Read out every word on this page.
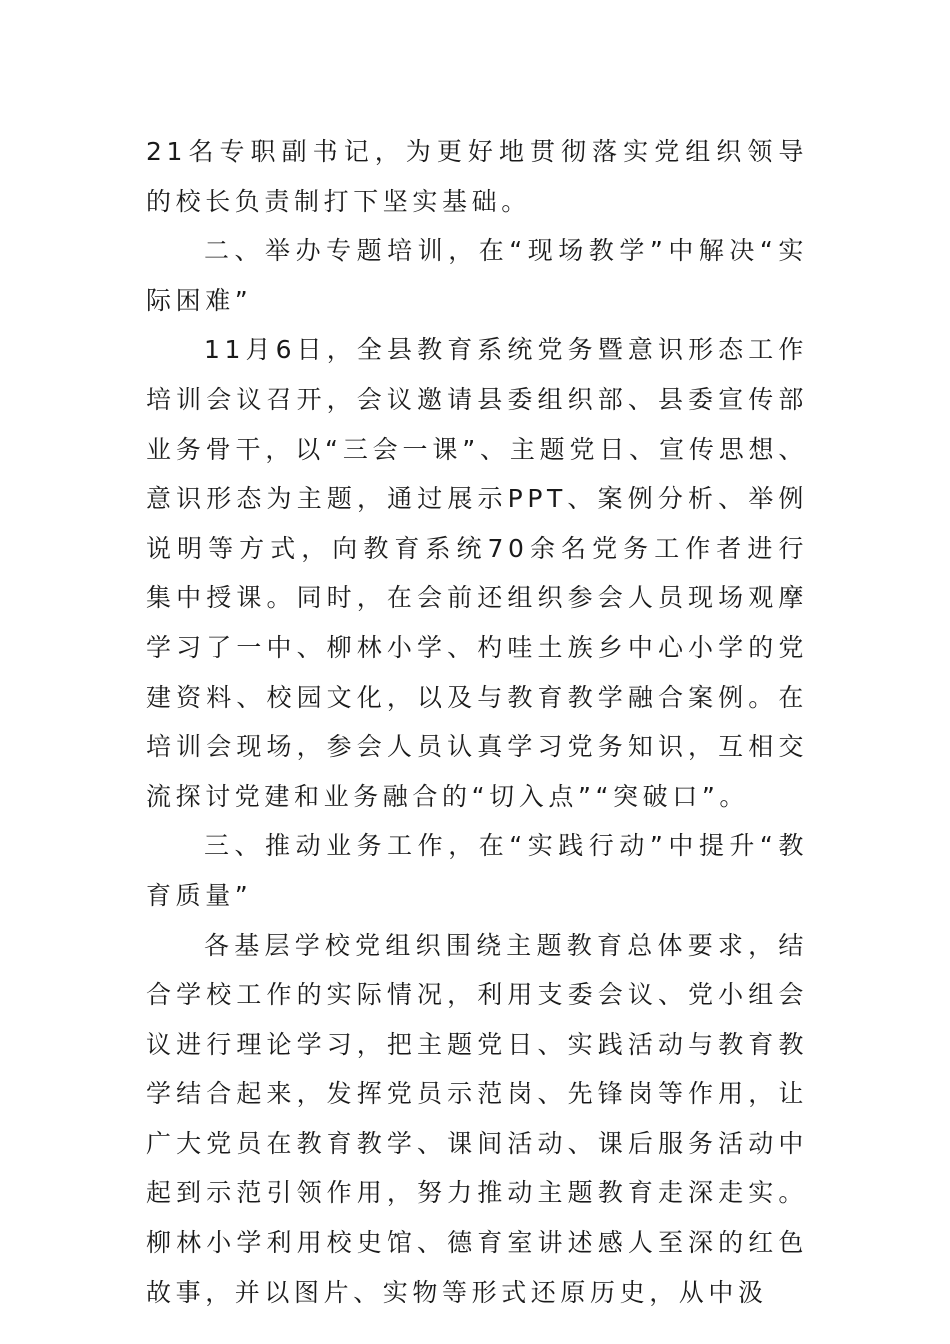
21名专职副书记，为更好地贯彻落实党组织领导的校长负责制打下坚实基础。

二、举办专题培训，在“现场教学”中解决“实际困难”

11月6日，全县教育系统党务暨意识形态工作培训会议召开，会议邀请县委组织部、县委宣传部业务骨干，以“三会一课”、主题党日、宣传思想、意识形态为主题，通过展示PPT、案例分析、举例说明等方式，向教育系统70余名党务工作者进行集中授课。同时，在会前还组织参会人员现场观摩学习了一中、柳林小学、杓哇土族乡中心小学的党建资料、校园文化，以及与教育教学融合案例。在培训会现场，参会人员认真学习党务知识，互相交流探讨党建和业务融合的“切入点”“突破口”。

三、推动业务工作，在“实践行动”中提升“教育质量”

各基层学校党组织围绕主题教育总体要求，结合学校工作的实际情况，利用支委会议、党小组会议进行理论学习，把主题党日、实践活动与教育教学结合起来，发挥党员示范岗、先锋岗等作用，让广大党员在教育教学、课间活动、课后服务活动中起到示范引领作用，努力推动主题教育走深走实。柳林小学利用校史馆、德育室讲述感人至深的红色故事，并以图片、实物等形式还原历史，从中汲
